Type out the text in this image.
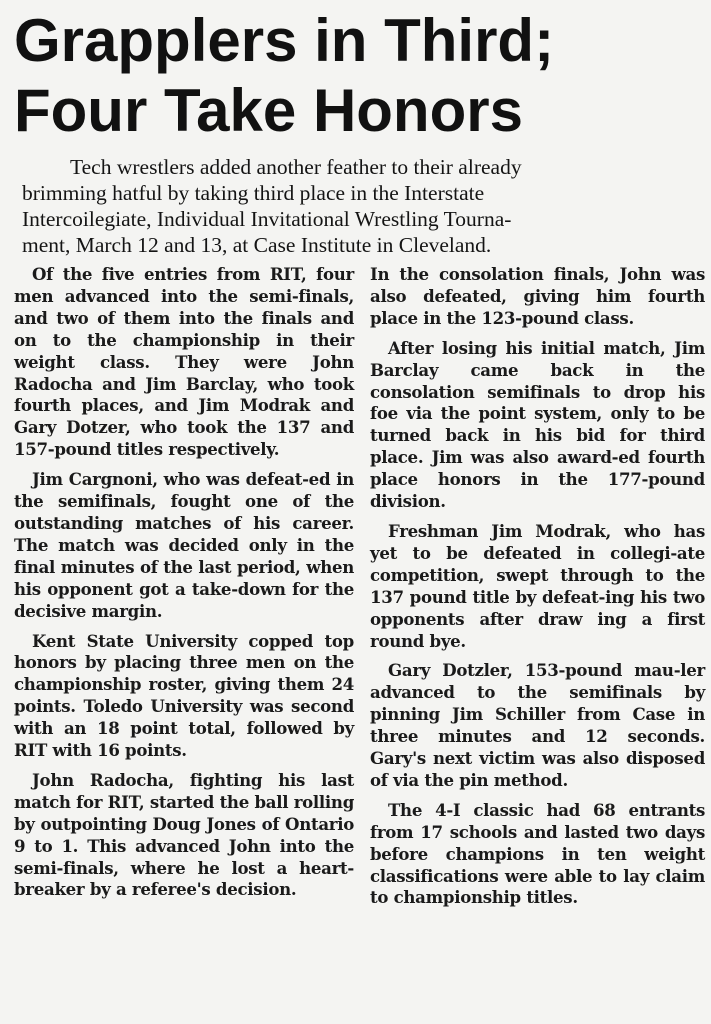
Grapplers in Third;
Four Take Honors

Tech wrestlers added another feather to their already
brimming hatful by taking third place in the Interstate
Intercoilegiate, Individual Invitational Wrestling Tourna-
ment, March 12 and 13, at Case Institute in Cleveland.

Of the five entries from RIT, four men advanced into the semi-finals, and two of them into the finals and on to the championship in their weight class. They were John Radocha and Jim Barclay, who took fourth places, and Jim Modrak and Gary Dotzer, who took the 137 and 157-pound titles respectively.

Jim Cargnoni, who was defeat-ed in the semifinals, fought one of the outstanding matches of his career. The match was decided only in the final minutes of the last period, when his opponent got a take-down for the decisive margin.

Kent State University copped top honors by placing three men on the championship roster, giving them 24 points. Toledo University was second with an 18 point total, followed by RIT with 16 points.

John Radocha, fighting his last match for RIT, started the ball rolling by outpointing Doug Jones of Ontario 9 to 1. This advanced John into the semi-finals, where he lost a heart-breaker by a referee's decision.

In the consolation finals, John was also defeated, giving him fourth place in the 123-pound class.

After losing his initial match, Jim Barclay came back in the consolation semifinals to drop his foe via the point system, only to be turned back in his bid for third place. Jim was also award-ed fourth place honors in the 177-pound division.

Freshman Jim Modrak, who has yet to be defeated in collegi-ate competition, swept through to the 137 pound title by defeat-ing his two opponents after draw ing a first round bye.

Gary Dotzler, 153-pound mau-ler advanced to the semifinals by pinning Jim Schiller from Case in three minutes and 12 seconds. Gary's next victim was also disposed of via the pin method.

The 4-I classic had 68 entrants from 17 schools and lasted two days before champions in ten weight classifications were able to lay claim to championship titles.
